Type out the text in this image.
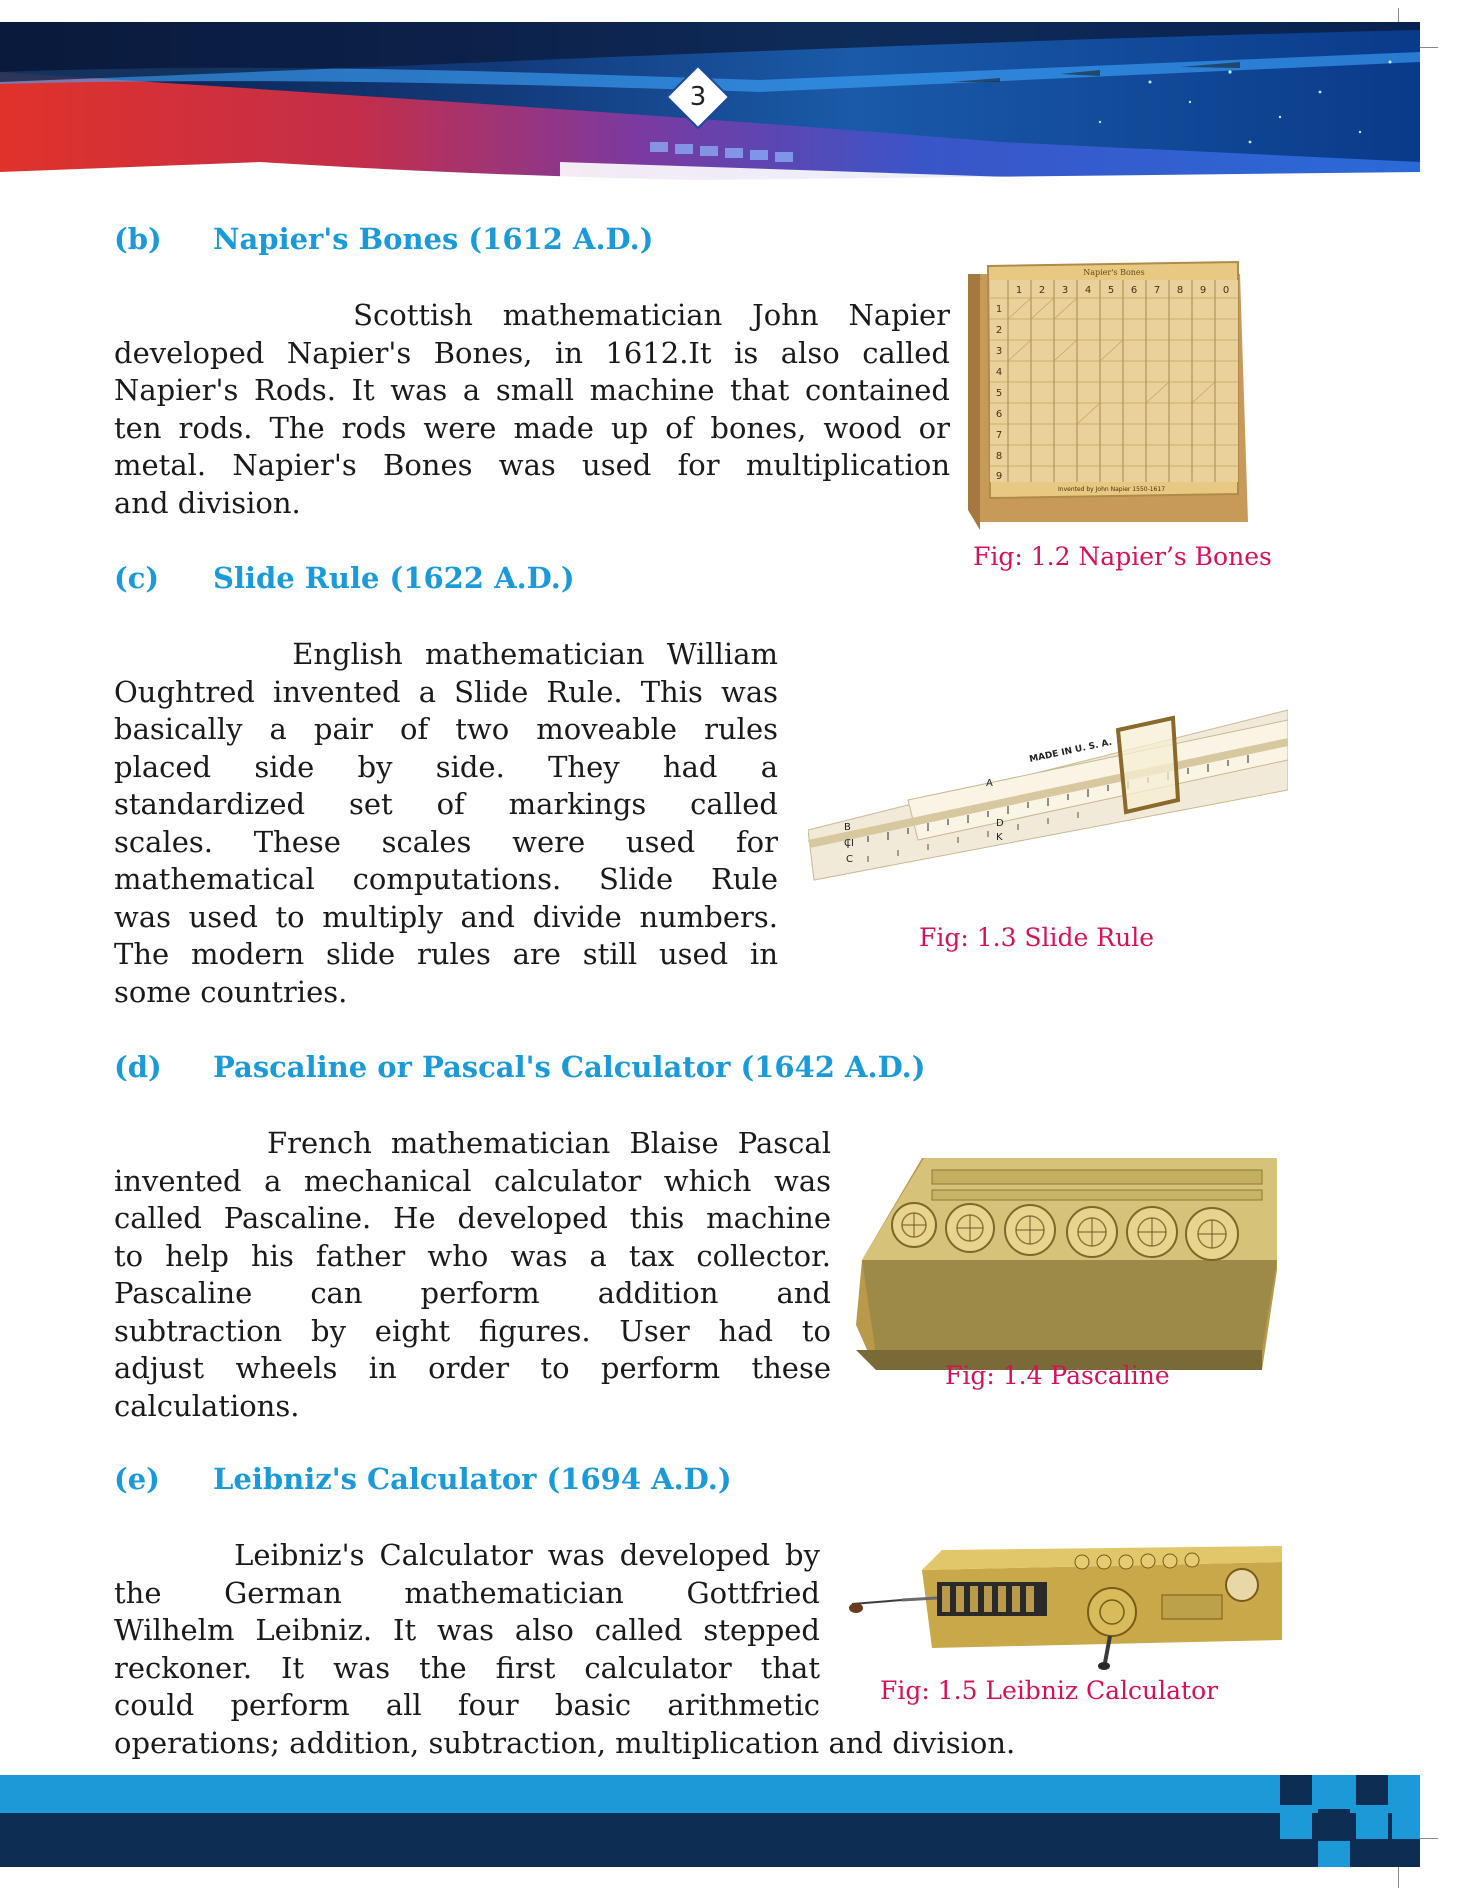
3
(b) Napier's Bones (1612 A.D.)
Scottish mathematician John Napier
developed Napier's Bones, in 1612.It is also called
Napier's Rods. It was a small machine that contained
ten rods. The rods were made up of bones, wood or
metal. Napier's Bones was used for multiplication
and division.
Napier's Bones
1 2 3 4 5 6 7 8 9 0
1
2
3
4
5
6
7
8
9
Invented by John Napier 1550-1617
Fig: 1.2 Napier’s Bones
(c) Slide Rule (1622 A.D.)
English mathematician William
Oughtred invented a Slide Rule. This was
basically a pair of two moveable rules
placed side by side. They had a
standardized set of markings called
scales. These scales were used for
mathematical computations. Slide Rule
was used to multiply and divide numbers.
The modern slide rules are still used in
some countries.
MADE IN U. S. A.
A
B
CI
C
D
K
Fig: 1.3 Slide Rule
(d) Pascaline or Pascal's Calculator (1642 A.D.)
French mathematician Blaise Pascal
invented a mechanical calculator which was
called Pascaline. He developed this machine
to help his father who was a tax collector.
Pascaline can perform addition and
subtraction by eight figures. User had to
adjust wheels in order to perform these
calculations.
Fig: 1.4 Pascaline
(e) Leibniz's Calculator (1694 A.D.)
Leibniz's Calculator was developed by
the German mathematician Gottfried
Wilhelm Leibniz. It was also called stepped
reckoner. It was the first calculator that
could perform all four basic arithmetic
operations; addition, subtraction, multiplication and division.
Fig: 1.5 Leibniz Calculator
